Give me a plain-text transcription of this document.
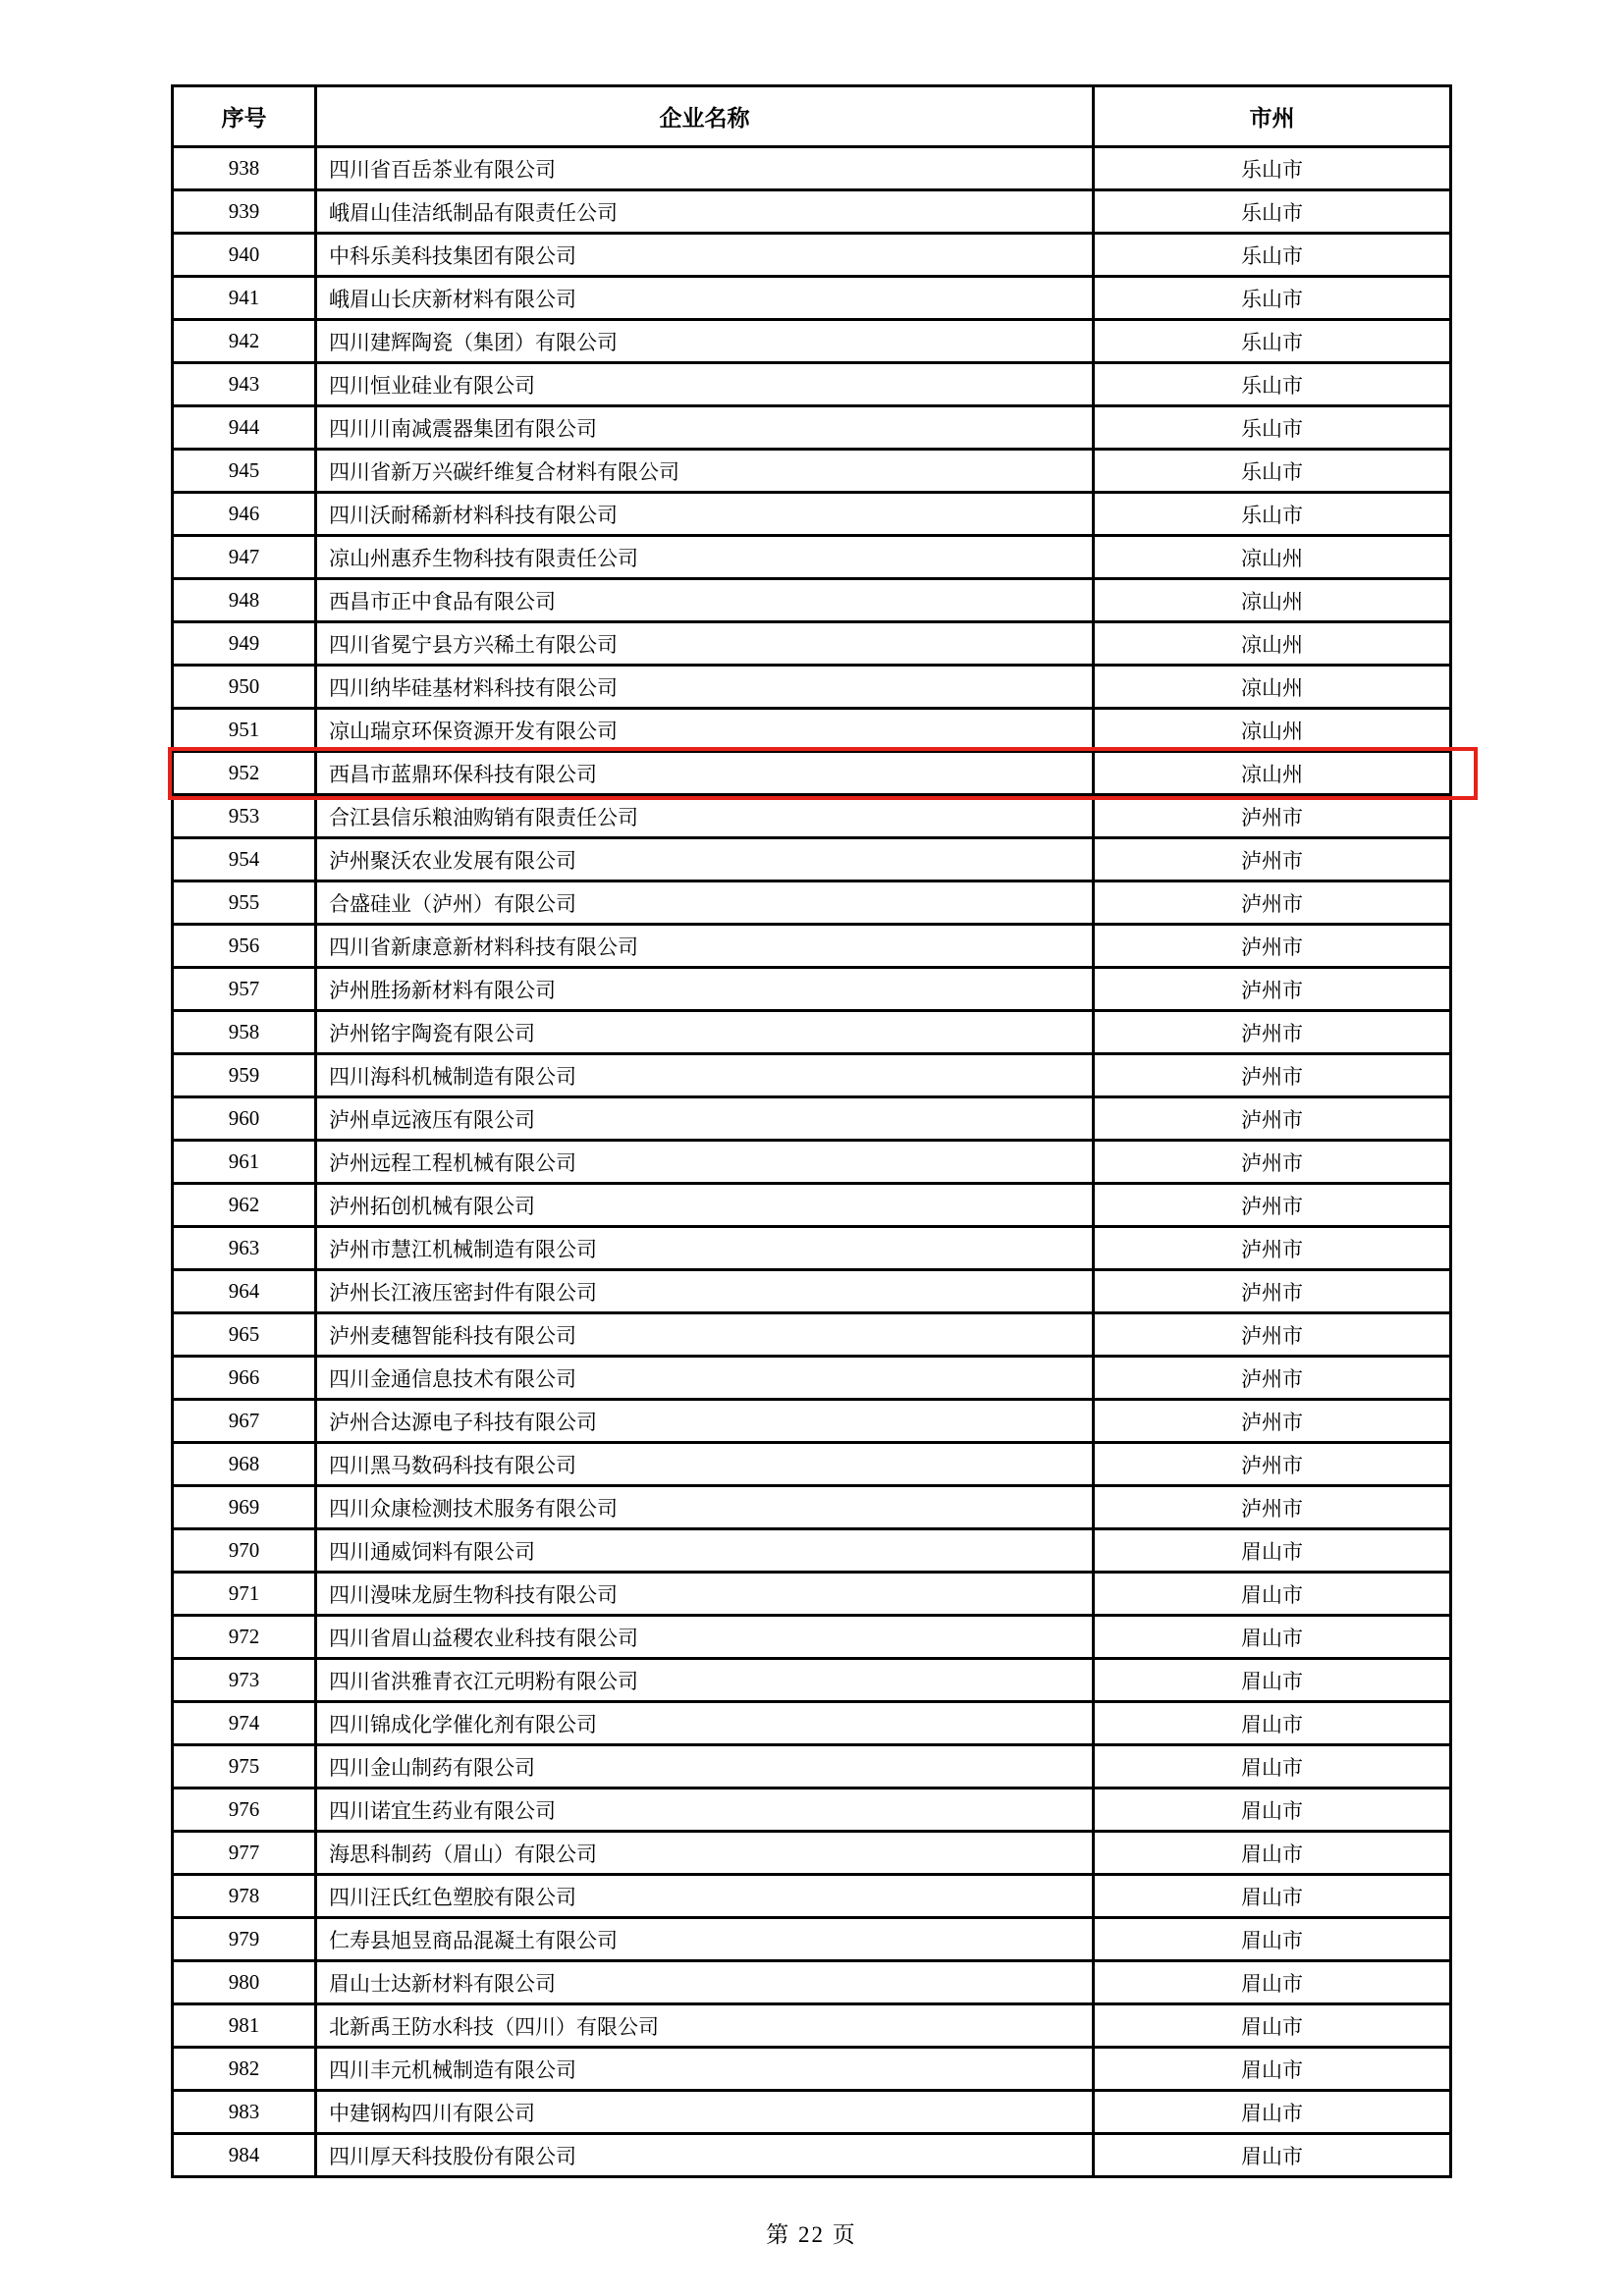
序号	企业名称	市州
938	四川省百岳茶业有限公司	乐山市
939	峨眉山佳洁纸制品有限责任公司	乐山市
940	中科乐美科技集团有限公司	乐山市
941	峨眉山长庆新材料有限公司	乐山市
942	四川建辉陶瓷（集团）有限公司	乐山市
943	四川恒业硅业有限公司	乐山市
944	四川川南减震器集团有限公司	乐山市
945	四川省新万兴碳纤维复合材料有限公司	乐山市
946	四川沃耐稀新材料科技有限公司	乐山市
947	凉山州惠乔生物科技有限责任公司	凉山州
948	西昌市正中食品有限公司	凉山州
949	四川省冕宁县方兴稀土有限公司	凉山州
950	四川纳毕硅基材料科技有限公司	凉山州
951	凉山瑞京环保资源开发有限公司	凉山州
952	西昌市蓝鼎环保科技有限公司	凉山州
953	合江县信乐粮油购销有限责任公司	泸州市
954	泸州聚沃农业发展有限公司	泸州市
955	合盛硅业（泸州）有限公司	泸州市
956	四川省新康意新材料科技有限公司	泸州市
957	泸州胜扬新材料有限公司	泸州市
958	泸州铭宇陶瓷有限公司	泸州市
959	四川海科机械制造有限公司	泸州市
960	泸州卓远液压有限公司	泸州市
961	泸州远程工程机械有限公司	泸州市
962	泸州拓创机械有限公司	泸州市
963	泸州市慧江机械制造有限公司	泸州市
964	泸州长江液压密封件有限公司	泸州市
965	泸州麦穗智能科技有限公司	泸州市
966	四川金通信息技术有限公司	泸州市
967	泸州合达源电子科技有限公司	泸州市
968	四川黑马数码科技有限公司	泸州市
969	四川众康检测技术服务有限公司	泸州市
970	四川通威饲料有限公司	眉山市
971	四川漫味龙厨生物科技有限公司	眉山市
972	四川省眉山益稷农业科技有限公司	眉山市
973	四川省洪雅青衣江元明粉有限公司	眉山市
974	四川锦成化学催化剂有限公司	眉山市
975	四川金山制药有限公司	眉山市
976	四川诺宜生药业有限公司	眉山市
977	海思科制药（眉山）有限公司	眉山市
978	四川汪氏红色塑胶有限公司	眉山市
979	仁寿县旭昱商品混凝土有限公司	眉山市
980	眉山士达新材料有限公司	眉山市
981	北新禹王防水科技（四川）有限公司	眉山市
982	四川丰元机械制造有限公司	眉山市
983	中建钢构四川有限公司	眉山市
984	四川厚天科技股份有限公司	眉山市
第 22 页
